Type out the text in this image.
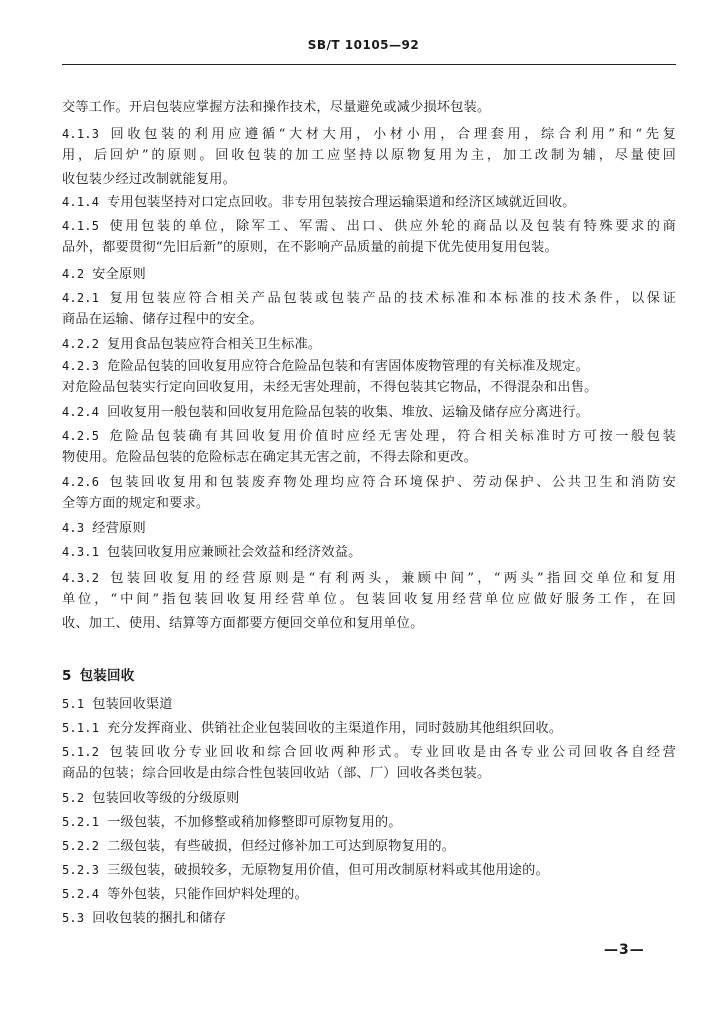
SB/T 10105—92
交等工作。开启包装应掌握方法和操作技术，尽量避免或减少损坏包装。
4.1.3 回收包装的利用应遵循“大材大用，小材小用，合理套用，综合利用”和“先复
用，后回炉”的原则。回收包装的加工应坚持以原物复用为主，加工改制为辅，尽量使回
收包装少经过改制就能复用。
4.1.4 专用包装坚持对口定点回收。非专用包装按合理运输渠道和经济区域就近回收。
4.1.5 使用包装的单位，除军工、军需、出口、供应外轮的商品以及包装有特殊要求的商
品外，都要贯彻“先旧后新”的原则，在不影响产品质量的前提下优先使用复用包装。
4.2 安全原则
4.2.1 复用包装应符合相关产品包装或包装产品的技术标准和本标准的技术条件，以保证
商品在运输、储存过程中的安全。
4.2.2 复用食品包装应符合相关卫生标准。
4.2.3 危险品包装的回收复用应符合危险品包装和有害固体废物管理的有关标准及规定。
对危险品包装实行定向回收复用，未经无害处理前，不得包装其它物品，不得混杂和出售。
4.2.4 回收复用一般包装和回收复用危险品包装的收集、堆放、运输及储存应分离进行。
4.2.5 危险品包装确有其回收复用价值时应经无害处理，符合相关标准时方可按一般包装
物使用。危险品包装的危险标志在确定其无害之前，不得去除和更改。
4.2.6 包装回收复用和包装废弃物处理均应符合环境保护、劳动保护、公共卫生和消防安
全等方面的规定和要求。
4.3 经营原则
4.3.1 包装回收复用应兼顾社会效益和经济效益。
4.3.2 包装回收复用的经营原则是“有利两头，兼顾中间”，“两头”指回交单位和复用
单位，“中间”指包装回收复用经营单位。包装回收复用经营单位应做好服务工作，在回
收、加工、使用、结算等方面都要方便回交单位和复用单位。
5 包装回收
5.1 包装回收渠道
5.1.1 充分发挥商业、供销社企业包装回收的主渠道作用，同时鼓励其他组织回收。
5.1.2 包装回收分专业回收和综合回收两种形式。专业回收是由各专业公司回收各自经营
商品的包装；综合回收是由综合性包装回收站（部、厂）回收各类包装。
5.2 包装回收等级的分级原则
5.2.1 一级包装，不加修整或稍加修整即可原物复用的。
5.2.2 二级包装，有些破损，但经过修补加工可达到原物复用的。
5.2.3 三级包装，破损较多，无原物复用价值，但可用改制原材料或其他用途的。
5.2.4 等外包装，只能作回炉料处理的。
5.3 回收包装的捆扎和储存
—3—
